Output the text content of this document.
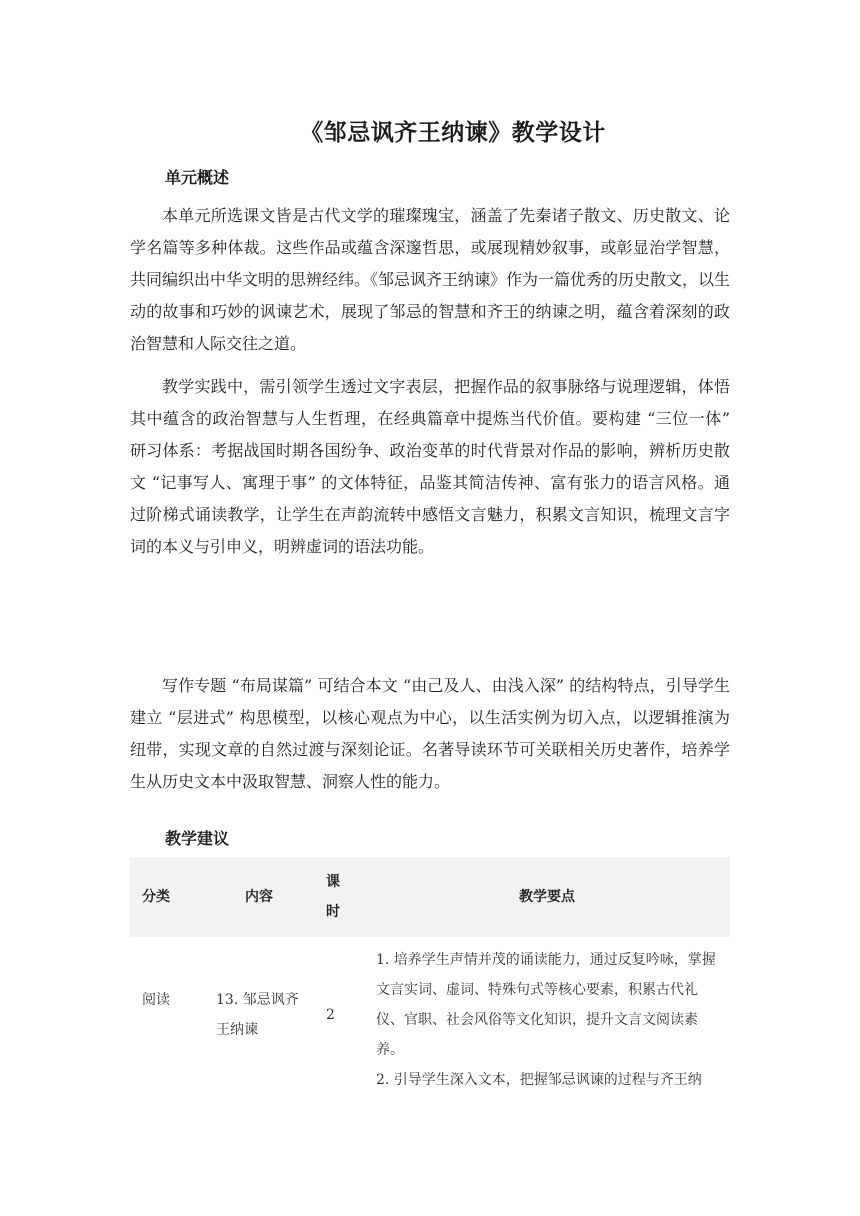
《邹忌讽齐王纳谏》教学设计
单元概述

本单元所选课文皆是古代文学的璀璨瑰宝，涵盖了先秦诸子散文、历史散文、论学名篇等多种体裁。这些作品或蕴含深邃哲思，或展现精妙叙事，或彰显治学智慧，共同编织出中华文明的思辨经纬。《邹忌讽齐王纳谏》作为一篇优秀的历史散文，以生动的故事和巧妙的讽谏艺术，展现了邹忌的智慧和齐王的纳谏之明，蕴含着深刻的政治智慧和人际交往之道。

教学实践中，需引领学生透过文字表层，把握作品的叙事脉络与说理逻辑，体悟其中蕴含的政治智慧与人生哲理，在经典篇章中提炼当代价值。要构建 “三位一体” 研习体系：考据战国时期各国纷争、政治变革的时代背景对作品的影响，辨析历史散文 “记事写人、寓理于事” 的文体特征，品鉴其简洁传神、富有张力的语言风格。通过阶梯式诵读教学，让学生在声韵流转中感悟文言魅力，积累文言知识，梳理文言字词的本义与引申义，明辨虚词的语法功能。

写作专题 “布局谋篇” 可结合本文 “由己及人、由浅入深” 的结构特点，引导学生建立 “层进式” 构思模型，以核心观点为中心，以生活实例为切入点，以逻辑推演为纽带，实现文章的自然过渡与深刻论证。名著导读环节可关联相关历史著作，培养学生从历史文本中汲取智慧、洞察人性的能力。

教学建议
分类	内容	课时	教学要点
阅读	13. 邹忌讽齐王纳谏	2	1. 培养学生声情并茂的诵读能力，通过反复吟咏，掌握文言实词、虚词、特殊句式等核心要素，积累古代礼仪、官职、社会风俗等文化知识，提升文言文阅读素养。
2. 引导学生深入文本，把握邹忌讽谏的过程与齐王纳
